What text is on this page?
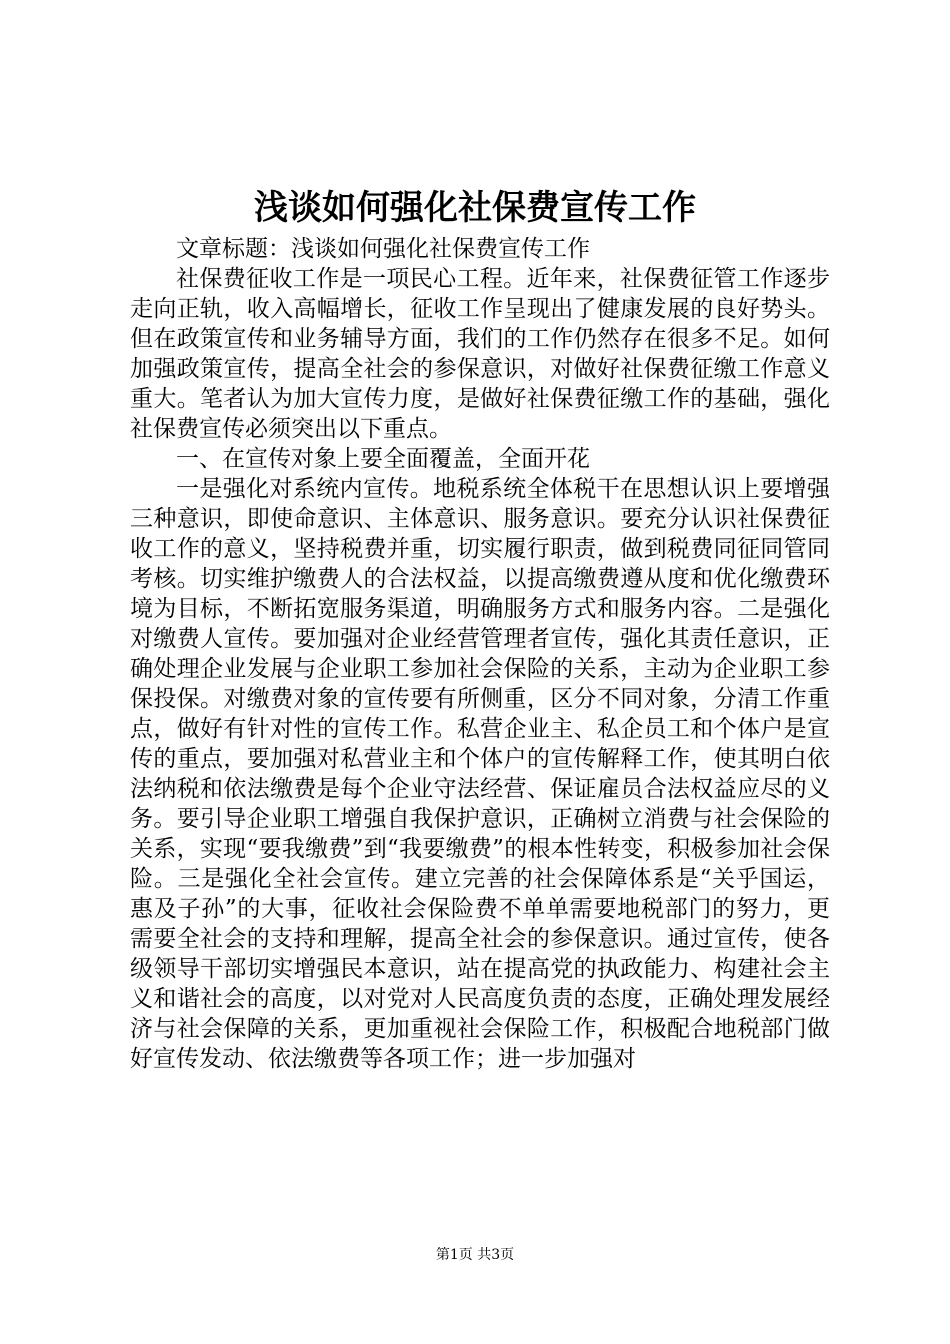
浅谈如何强化社保费宣传工作

文章标题：浅谈如何强化社保费宣传工作

社保费征收工作是一项民心工程。近年来，社保费征管工作逐步走向正轨，收入高幅增长，征收工作呈现出了健康发展的良好势头。但在政策宣传和业务辅导方面，我们的工作仍然存在很多不足。如何加强政策宣传，提高全社会的参保意识，对做好社保费征缴工作意义重大。笔者认为加大宣传力度，是做好社保费征缴工作的基础，强化社保费宣传必须突出以下重点。

一、在宣传对象上要全面覆盖，全面开花

一是强化对系统内宣传。地税系统全体税干在思想认识上要增强三种意识，即使命意识、主体意识、服务意识。要充分认识社保费征收工作的意义，坚持税费并重，切实履行职责，做到税费同征同管同考核。切实维护缴费人的合法权益，以提高缴费遵从度和优化缴费环境为目标，不断拓宽服务渠道，明确服务方式和服务内容。二是强化对缴费人宣传。要加强对企业经营管理者宣传，强化其责任意识，正确处理企业发展与企业职工参加社会保险的关系，主动为企业职工参保投保。对缴费对象的宣传要有所侧重，区分不同对象，分清工作重点，做好有针对性的宣传工作。私营企业主、私企员工和个体户是宣传的重点，要加强对私营业主和个体户的宣传解释工作，使其明白依法纳税和依法缴费是每个企业守法经营、保证雇员合法权益应尽的义务。要引导企业职工增强自我保护意识，正确树立消费与社会保险的关系，实现“要我缴费”到“我要缴费”的根本性转变，积极参加社会保险。三是强化全社会宣传。建立完善的社会保障体系是“关乎国运，惠及子孙”的大事，征收社会保险费不单单需要地税部门的努力，更需要全社会的支持和理解，提高全社会的参保意识。通过宣传，使各级领导干部切实增强民本意识，站在提高党的执政能力、构建社会主义和谐社会的高度，以对党对人民高度负责的态度，正确处理发展经济与社会保障的关系，更加重视社会保险工作，积极配合地税部门做好宣传发动、依法缴费等各项工作；进一步加强对

第1页 共3页
